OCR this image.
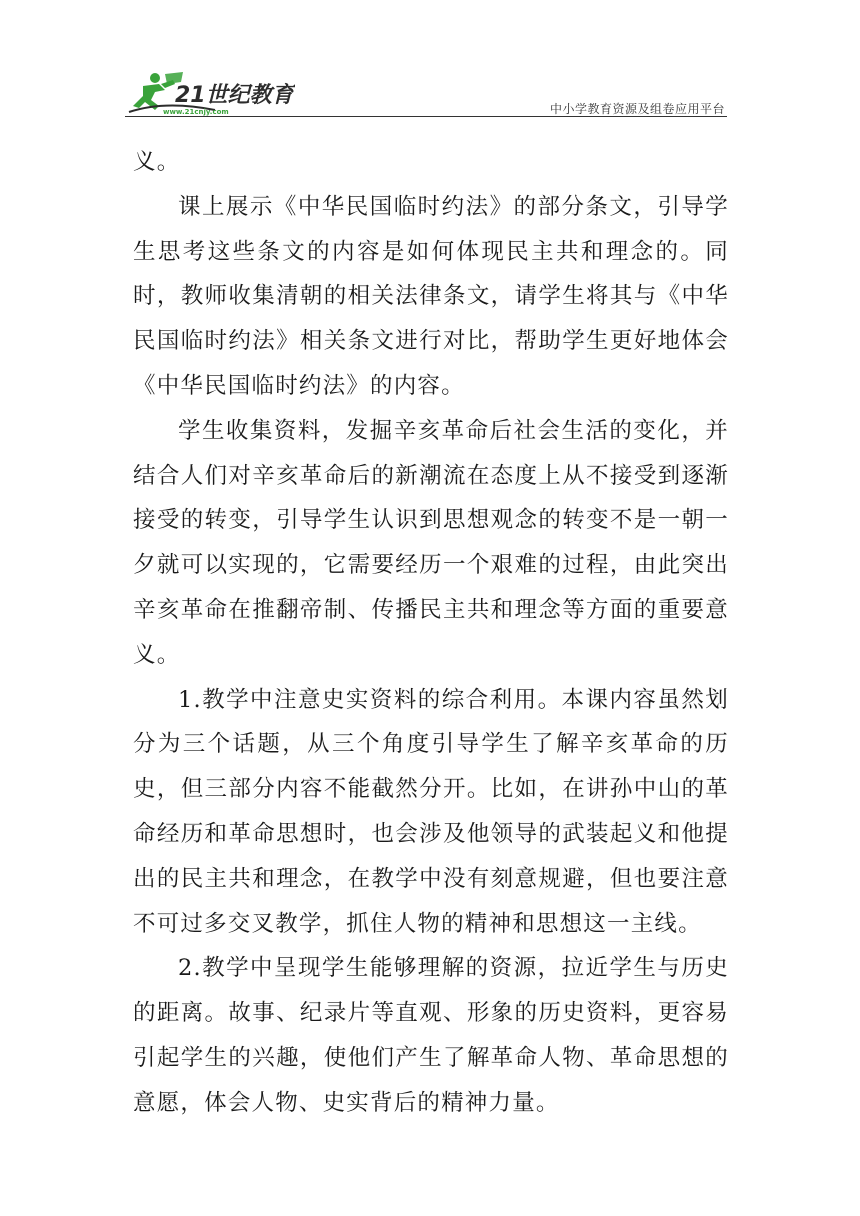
21世纪教育
www.21cnjy.com	中小学教育资源及组卷应用平台

义。

课上展示《中华民国临时约法》的部分条文，引导学生思考这些条文的内容是如何体现民主共和理念的。同时，教师收集清朝的相关法律条文，请学生将其与《中华民国临时约法》相关条文进行对比，帮助学生更好地体会《中华民国临时约法》的内容。

学生收集资料，发掘辛亥革命后社会生活的变化，并结合人们对辛亥革命后的新潮流在态度上从不接受到逐渐接受的转变，引导学生认识到思想观念的转变不是一朝一夕就可以实现的，它需要经历一个艰难的过程，由此突出辛亥革命在推翻帝制、传播民主共和理念等方面的重要意义。

1.教学中注意史实资料的综合利用。本课内容虽然划分为三个话题，从三个角度引导学生了解辛亥革命的历史，但三部分内容不能截然分开。比如，在讲孙中山的革命经历和革命思想时，也会涉及他领导的武装起义和他提出的民主共和理念，在教学中没有刻意规避，但也要注意不可过多交叉教学，抓住人物的精神和思想这一主线。

2.教学中呈现学生能够理解的资源，拉近学生与历史的距离。故事、纪录片等直观、形象的历史资料，更容易引起学生的兴趣，使他们产生了解革命人物、革命思想的意愿，体会人物、史实背后的精神力量。
